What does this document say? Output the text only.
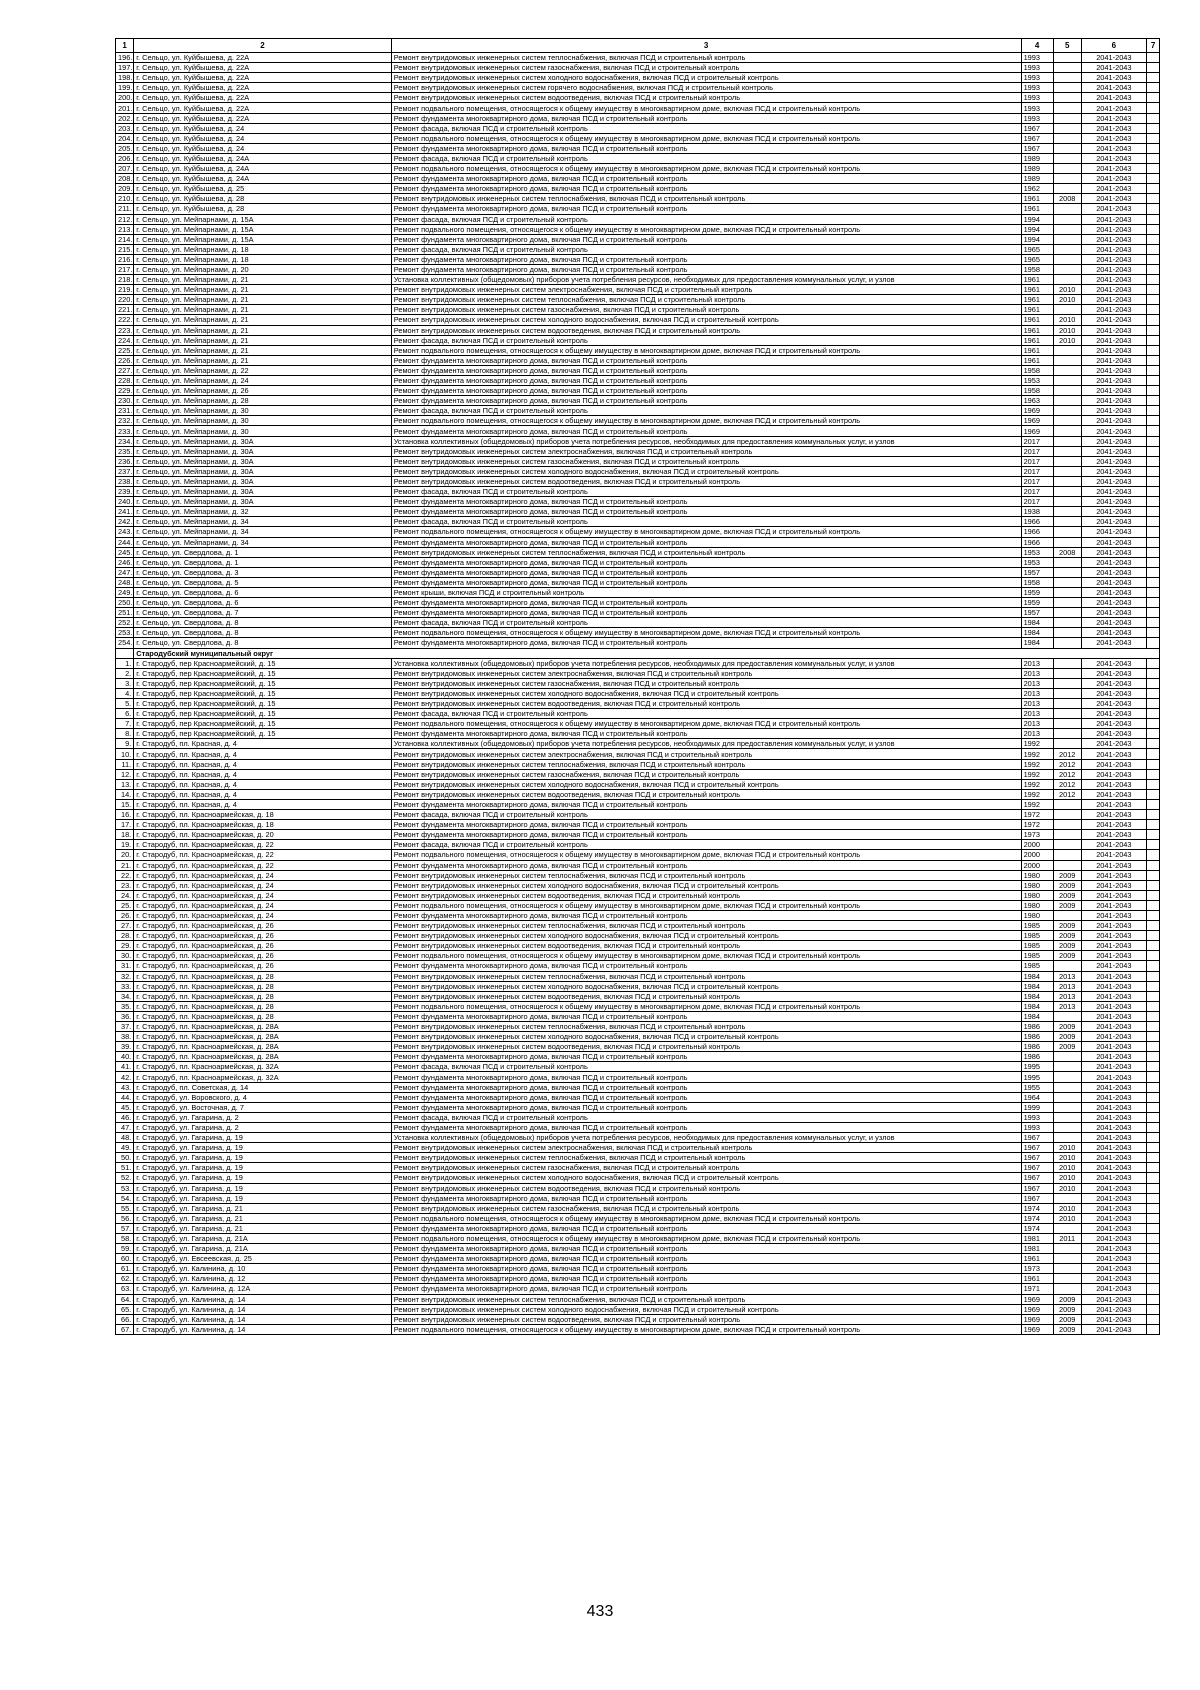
1	2	3	4	5	6	7
196.	г. Сельцо, ул. Куйбышева, д. 22А	Ремонт внутридомовых инженерных систем теплоснабжения, включая ПСД и строительный контроль	1993		2041-2043	
197.	г. Сельцо, ул. Куйбышева, д. 22А	Ремонт внутридомовых инженерных систем газоснабжения, включая ПСД и строительный контроль	1993		2041-2043	
198.	г. Сельцо, ул. Куйбышева, д. 22А	Ремонт внутридомовых инженерных систем холодного водоснабжения, включая ПСД и строительный контроль	1993		2041-2043	
199.	г. Сельцо, ул. Куйбышева, д. 22А	Ремонт внутридомовых инженерных систем горячего водоснабжения, включая ПСД и строительный контроль	1993		2041-2043	
200.	г. Сельцо, ул. Куйбышева, д. 22А	Ремонт внутридомовых инженерных систем водоотведения, включая ПСД и строительный контроль	1993		2041-2043	
201.	г. Сельцо, ул. Куйбышева, д. 22А	Ремонт подвального помещения, относящегося к общему имуществу в многоквартирном доме, включая ПСД и строительный контроль	1993		2041-2043	
202.	г. Сельцо, ул. Куйбышева, д. 22А	Ремонт фундамента многоквартирного дома, включая ПСД и строительный контроль	1993		2041-2043	
203.	г. Сельцо, ул. Куйбышева, д. 24	Ремонт фасада, включая ПСД и строительный контроль	1967		2041-2043	
204.	г. Сельцо, ул. Куйбышева, д. 24	Ремонт подвального помещения, относящегося к общему имуществу в многоквартирном доме, включая ПСД и строительный контроль	1967		2041-2043	
205.	г. Сельцо, ул. Куйбышева, д. 24	Ремонт фундамента многоквартирного дома, включая ПСД и строительный контроль	1967		2041-2043	
206.	г. Сельцо, ул. Куйбышева, д. 24А	Ремонт фасада, включая ПСД и строительный контроль	1989		2041-2043	
207.	г. Сельцо, ул. Куйбышева, д. 24А	Ремонт подвального помещения, относящегося к общему имуществу в многоквартирном доме, включая ПСД и строительный контроль	1989		2041-2043	
208.	г. Сельцо, ул. Куйбышева, д. 24А	Ремонт фундамента многоквартирного дома, включая ПСД и строительный контроль	1989		2041-2043	
209.	г. Сельцо, ул. Куйбышева, д. 25	Ремонт фундамента многоквартирного дома, включая ПСД и строительный контроль	1962		2041-2043	
210.	г. Сельцо, ул. Куйбышева, д. 28	Ремонт внутридомовых инженерных систем теплоснабжения, включая ПСД и строительный контроль	1961	2008	2041-2043	
211.	г. Сельцо, ул. Куйбышева, д. 28	Ремонт фундамента многоквартирного дома, включая ПСД и строительный контроль	1961		2041-2043	
212.	г. Сельцо, ул. Мейпарнами, д. 15А	Ремонт фасада, включая ПСД и строительный контроль	1994		2041-2043	
213.	г. Сельцо, ул. Мейпарнами, д. 15А	Ремонт подвального помещения, относящегося к общему имуществу в многоквартирном доме, включая ПСД и строительный контроль	1994		2041-2043	
214.	г. Сельцо, ул. Мейпарнами, д. 15А	Ремонт фундамента многоквартирного дома, включая ПСД и строительный контроль	1994		2041-2043	
215.	г. Сельцо, ул. Мейпарнами, д. 18	Ремонт фасада, включая ПСД и строительный контроль	1965		2041-2043	
216.	г. Сельцо, ул. Мейпарнами, д. 18	Ремонт фундамента многоквартирного дома, включая ПСД и строительный контроль	1965		2041-2043	
217.	г. Сельцо, ул. Мейпарнами, д. 20	Ремонт фундамента многоквартирного дома, включая ПСД и строительный контроль	1958		2041-2043	
218.	г. Сельцо, ул. Мейпарнами, д. 21	Установка коллективных (общедомовых) приборов учета потребления ресурсов, необходимых для предоставления коммунальных услуг, и узлов	1961		2041-2043	
219.	г. Сельцо, ул. Мейпарнами, д. 21	Ремонт внутридомовых инженерных систем электроснабжения, включая ПСД и строительный контроль	1961	2010	2041-2043	
220.	г. Сельцо, ул. Мейпарнами, д. 21	Ремонт внутридомовых инженерных систем теплоснабжения, включая ПСД и строительный контроль	1961	2010	2041-2043	
221.	г. Сельцо, ул. Мейпарнами, д. 21	Ремонт внутридомовых инженерных систем газоснабжения, включая ПСД и строительный контроль	1961		2041-2043	
222.	г. Сельцо, ул. Мейпарнами, д. 21	Ремонт внутридомовых инженерных систем холодного водоснабжения, включая ПСД и строительный контроль	1961	2010	2041-2043	
223.	г. Сельцо, ул. Мейпарнами, д. 21	Ремонт внутридомовых инженерных систем водоотведения, включая ПСД и строительный контроль	1961	2010	2041-2043	
224.	г. Сельцо, ул. Мейпарнами, д. 21	Ремонт фасада, включая ПСД и строительный контроль	1961	2010	2041-2043	
225.	г. Сельцо, ул. Мейпарнами, д. 21	Ремонт подвального помещения, относящегося к общему имуществу в многоквартирном доме, включая ПСД и строительный контроль	1961		2041-2043	
226.	г. Сельцо, ул. Мейпарнами, д. 21	Ремонт фундамента многоквартирного дома, включая ПСД и строительный контроль	1961		2041-2043	
227.	г. Сельцо, ул. Мейпарнами, д. 22	Ремонт фундамента многоквартирного дома, включая ПСД и строительный контроль	1958		2041-2043	
228.	г. Сельцо, ул. Мейпарнами, д. 24	Ремонт фундамента многоквартирного дома, включая ПСД и строительный контроль	1953		2041-2043	
229.	г. Сельцо, ул. Мейпарнами, д. 26	Ремонт фундамента многоквартирного дома, включая ПСД и строительный контроль	1958		2041-2043	
230.	г. Сельцо, ул. Мейпарнами, д. 28	Ремонт фундамента многоквартирного дома, включая ПСД и строительный контроль	1963		2041-2043	
231.	г. Сельцо, ул. Мейпарнами, д. 30	Ремонт фасада, включая ПСД и строительный контроль	1969		2041-2043	
232.	г. Сельцо, ул. Мейпарнами, д. 30	Ремонт подвального помещения, относящегося к общему имуществу в многоквартирном доме, включая ПСД и строительный контроль	1969		2041-2043	
233.	г. Сельцо, ул. Мейпарнами, д. 30	Ремонт фундамента многоквартирного дома, включая ПСД и строительный контроль	1969		2041-2043	
234.	г. Сельцо, ул. Мейпарнами, д. 30А	Установка коллективных (общедомовых) приборов учета потребления ресурсов, необходимых для предоставления коммунальных услуг, и узлов	2017		2041-2043	
235.	г. Сельцо, ул. Мейпарнами, д. 30А	Ремонт внутридомовых инженерных систем электроснабжения, включая ПСД и строительный контроль	2017		2041-2043	
236.	г. Сельцо, ул. Мейпарнами, д. 30А	Ремонт внутридомовых инженерных систем газоснабжения, включая ПСД и строительный контроль	2017		2041-2043	
237.	г. Сельцо, ул. Мейпарнами, д. 30А	Ремонт внутридомовых инженерных систем холодного водоснабжения, включая ПСД и строительный контроль	2017		2041-2043	
238.	г. Сельцо, ул. Мейпарнами, д. 30А	Ремонт внутридомовых инженерных систем водоотведения, включая ПСД и строительный контроль	2017		2041-2043	
239.	г. Сельцо, ул. Мейпарнами, д. 30А	Ремонт фасада, включая ПСД и строительный контроль	2017		2041-2043	
240.	г. Сельцо, ул. Мейпарнами, д. 30А	Ремонт фундамента многоквартирного дома, включая ПСД и строительный контроль	2017		2041-2043	
241.	г. Сельцо, ул. Мейпарнами, д. 32	Ремонт фундамента многоквартирного дома, включая ПСД и строительный контроль	1938		2041-2043	
242.	г. Сельцо, ул. Мейпарнами, д. 34	Ремонт фасада, включая ПСД и строительный контроль	1966		2041-2043	
243.	г. Сельцо, ул. Мейпарнами, д. 34	Ремонт подвального помещения, относящегося к общему имуществу в многоквартирном доме, включая ПСД и строительный контроль	1966		2041-2043	
244.	г. Сельцо, ул. Мейпарнами, д. 34	Ремонт фундамента многоквартирного дома, включая ПСД и строительный контроль	1966		2041-2043	
245.	г. Сельцо, ул. Свердлова, д. 1	Ремонт внутридомовых инженерных систем теплоснабжения, включая ПСД и строительный контроль	1953	2008	2041-2043	
246.	г. Сельцо, ул. Свердлова, д. 1	Ремонт фундамента многоквартирного дома, включая ПСД и строительный контроль	1953		2041-2043	
247.	г. Сельцо, ул. Свердлова, д. 3	Ремонт фундамента многоквартирного дома, включая ПСД и строительный контроль	1957		2041-2043	
248.	г. Сельцо, ул. Свердлова, д. 5	Ремонт фундамента многоквартирного дома, включая ПСД и строительный контроль	1958		2041-2043	
249.	г. Сельцо, ул. Свердлова, д. 6	Ремонт крыши, включая ПСД и строительный контроль	1959		2041-2043	
250.	г. Сельцо, ул. Свердлова, д. 6	Ремонт фундамента многоквартирного дома, включая ПСД и строительный контроль	1959		2041-2043	
251.	г. Сельцо, ул. Свердлова, д. 7	Ремонт фундамента многоквартирного дома, включая ПСД и строительный контроль	1957		2041-2043	
252.	г. Сельцо, ул. Свердлова, д. 8	Ремонт фасада, включая ПСД и строительный контроль	1984		2041-2043	
253.	г. Сельцо, ул. Свердлова, д. 8	Ремонт подвального помещения, относящегося к общему имуществу в многоквартирном доме, включая ПСД и строительный контроль	1984		2041-2043	
254.	г. Сельцо, ул. Свердлова, д. 8	Ремонт фундамента многоквартирного дома, включая ПСД и строительный контроль	1984		2041-2043	
	Стародубский муниципальный округ					
1.	г. Стародуб, пер Красноармейский, д. 15	Установка коллективных (общедомовых) приборов учета потребления ресурсов, необходимых для предоставления коммунальных услуг, и узлов	2013		2041-2043	
2.	г. Стародуб, пер Красноармейский, д. 15	Ремонт внутридомовых инженерных систем электроснабжения, включая ПСД и строительный контроль	2013		2041-2043	
3.	г. Стародуб, пер Красноармейский, д. 15	Ремонт внутридомовых инженерных систем газоснабжения, включая ПСД и строительный контроль	2013		2041-2043	
4.	г. Стародуб, пер Красноармейский, д. 15	Ремонт внутридомовых инженерных систем холодного водоснабжения, включая ПСД и строительный контроль	2013		2041-2043	
5.	г. Стародуб, пер Красноармейский, д. 15	Ремонт внутридомовых инженерных систем водоотведения, включая ПСД и строительный контроль	2013		2041-2043	
6.	г. Стародуб, пер Красноармейский, д. 15	Ремонт фасада, включая ПСД и строительный контроль	2013		2041-2043	
7.	г. Стародуб, пер Красноармейский, д. 15	Ремонт подвального помещения, относящегося к общему имуществу в многоквартирном доме, включая ПСД и строительный контроль	2013		2041-2043	
8.	г. Стародуб, пер Красноармейский, д. 15	Ремонт фундамента многоквартирного дома, включая ПСД и строительный контроль	2013		2041-2043	
9.	г. Стародуб, пл. Красная, д. 4	Установка коллективных (общедомовых) приборов учета потребления ресурсов, необходимых для предоставления коммунальных услуг, и узлов	1992		2041-2043	
10.	г. Стародуб, пл. Красная, д. 4	Ремонт внутридомовых инженерных систем электроснабжения, включая ПСД и строительный контроль	1992	2012	2041-2043	
11.	г. Стародуб, пл. Красная, д. 4	Ремонт внутридомовых инженерных систем теплоснабжения, включая ПСД и строительный контроль	1992	2012	2041-2043	
12.	г. Стародуб, пл. Красная, д. 4	Ремонт внутридомовых инженерных систем газоснабжения, включая ПСД и строительный контроль	1992	2012	2041-2043	
13.	г. Стародуб, пл. Красная, д. 4	Ремонт внутридомовых инженерных систем холодного водоснабжения, включая ПСД и строительный контроль	1992	2012	2041-2043	
14.	г. Стародуб, пл. Красная, д. 4	Ремонт внутридомовых инженерных систем водоотведения, включая ПСД и строительный контроль	1992	2012	2041-2043	
15.	г. Стародуб, пл. Красная, д. 4	Ремонт фундамента многоквартирного дома, включая ПСД и строительный контроль	1992		2041-2043	
16.	г. Стародуб, пл. Красноармейская, д. 18	Ремонт фасада, включая ПСД и строительный контроль	1972		2041-2043	
17.	г. Стародуб, пл. Красноармейская, д. 18	Ремонт фундамента многоквартирного дома, включая ПСД и строительный контроль	1972		2041-2043	
18.	г. Стародуб, пл. Красноармейская, д. 20	Ремонт фундамента многоквартирного дома, включая ПСД и строительный контроль	1973		2041-2043	
19.	г. Стародуб, пл. Красноармейская, д. 22	Ремонт фасада, включая ПСД и строительный контроль	2000		2041-2043	
20.	г. Стародуб, пл. Красноармейская, д. 22	Ремонт подвального помещения, относящегося к общему имуществу в многоквартирном доме, включая ПСД и строительный контроль	2000		2041-2043	
21.	г. Стародуб, пл. Красноармейская, д. 22	Ремонт фундамента многоквартирного дома, включая ПСД и строительный контроль	2000		2041-2043	
22.	г. Стародуб, пл. Красноармейская, д. 24	Ремонт внутридомовых инженерных систем теплоснабжения, включая ПСД и строительный контроль	1980	2009	2041-2043	
23.	г. Стародуб, пл. Красноармейская, д. 24	Ремонт внутридомовых инженерных систем холодного водоснабжения, включая ПСД и строительный контроль	1980	2009	2041-2043	
24.	г. Стародуб, пл. Красноармейская, д. 24	Ремонт внутридомовых инженерных систем водоотведения, включая ПСД и строительный контроль	1980	2009	2041-2043	
25.	г. Стародуб, пл. Красноармейская, д. 24	Ремонт подвального помещения, относящегося к общему имуществу в многоквартирном доме, включая ПСД и строительный контроль	1980	2009	2041-2043	
26.	г. Стародуб, пл. Красноармейская, д. 24	Ремонт фундамента многоквартирного дома, включая ПСД и строительный контроль	1980		2041-2043	
27.	г. Стародуб, пл. Красноармейская, д. 26	Ремонт внутридомовых инженерных систем теплоснабжения, включая ПСД и строительный контроль	1985	2009	2041-2043	
28.	г. Стародуб, пл. Красноармейская, д. 26	Ремонт внутридомовых инженерных систем холодного водоснабжения, включая ПСД и строительный контроль	1985	2009	2041-2043	
29.	г. Стародуб, пл. Красноармейская, д. 26	Ремонт внутридомовых инженерных систем водоотведения, включая ПСД и строительный контроль	1985	2009	2041-2043	
30.	г. Стародуб, пл. Красноармейская, д. 26	Ремонт подвального помещения, относящегося к общему имуществу в многоквартирном доме, включая ПСД и строительный контроль	1985	2009	2041-2043	
31.	г. Стародуб, пл. Красноармейская, д. 26	Ремонт фундамента многоквартирного дома, включая ПСД и строительный контроль	1985		2041-2043	
32.	г. Стародуб, пл. Красноармейская, д. 28	Ремонт внутридомовых инженерных систем теплоснабжения, включая ПСД и строительный контроль	1984	2013	2041-2043	
33.	г. Стародуб, пл. Красноармейская, д. 28	Ремонт внутридомовых инженерных систем холодного водоснабжения, включая ПСД и строительный контроль	1984	2013	2041-2043	
34.	г. Стародуб, пл. Красноармейская, д. 28	Ремонт внутридомовых инженерных систем водоотведения, включая ПСД и строительный контроль	1984	2013	2041-2043	
35.	г. Стародуб, пл. Красноармейская, д. 28	Ремонт подвального помещения, относящегося к общему имуществу в многоквартирном доме, включая ПСД и строительный контроль	1984	2013	2041-2043	
36.	г. Стародуб, пл. Красноармейская, д. 28	Ремонт фундамента многоквартирного дома, включая ПСД и строительный контроль	1984		2041-2043	
37.	г. Стародуб, пл. Красноармейская, д. 28А	Ремонт внутридомовых инженерных систем теплоснабжения, включая ПСД и строительный контроль	1986	2009	2041-2043	
38.	г. Стародуб, пл. Красноармейская, д. 28А	Ремонт внутридомовых инженерных систем холодного водоснабжения, включая ПСД и строительный контроль	1986	2009	2041-2043	
39.	г. Стародуб, пл. Красноармейская, д. 28А	Ремонт внутридомовых инженерных систем водоотведения, включая ПСД и строительный контроль	1986	2009	2041-2043	
40.	г. Стародуб, пл. Красноармейская, д. 28А	Ремонт фундамента многоквартирного дома, включая ПСД и строительный контроль	1986		2041-2043	
41.	г. Стародуб, пл. Красноармейская, д. 32А	Ремонт фасада, включая ПСД и строительный контроль	1995		2041-2043	
42.	г. Стародуб, пл. Красноармейская, д. 32А	Ремонт фундамента многоквартирного дома, включая ПСД и строительный контроль	1995		2041-2043	
43.	г. Стародуб, пл. Советская, д. 14	Ремонт фундамента многоквартирного дома, включая ПСД и строительный контроль	1955		2041-2043	
44.	г. Стародуб, ул. Воровского, д. 4	Ремонт фундамента многоквартирного дома, включая ПСД и строительный контроль	1964		2041-2043	
45.	г. Стародуб, ул. Восточная, д. 7	Ремонт фундамента многоквартирного дома, включая ПСД и строительный контроль	1999		2041-2043	
46.	г. Стародуб, ул. Гагарина, д. 2	Ремонт фасада, включая ПСД и строительный контроль	1993		2041-2043	
47.	г. Стародуб, ул. Гагарина, д. 2	Ремонт фундамента многоквартирного дома, включая ПСД и строительный контроль	1993		2041-2043	
48.	г. Стародуб, ул. Гагарина, д. 19	Установка коллективных (общедомовых) приборов учета потребления ресурсов, необходимых для предоставления коммунальных услуг, и узлов	1967		2041-2043	
49.	г. Стародуб, ул. Гагарина, д. 19	Ремонт внутридомовых инженерных систем электроснабжения, включая ПСД и строительный контроль	1967	2010	2041-2043	
50.	г. Стародуб, ул. Гагарина, д. 19	Ремонт внутридомовых инженерных систем теплоснабжения, включая ПСД и строительный контроль	1967	2010	2041-2043	
51.	г. Стародуб, ул. Гагарина, д. 19	Ремонт внутридомовых инженерных систем газоснабжения, включая ПСД и строительный контроль	1967	2010	2041-2043	
52.	г. Стародуб, ул. Гагарина, д. 19	Ремонт внутридомовых инженерных систем холодного водоснабжения, включая ПСД и строительный контроль	1967	2010	2041-2043	
53.	г. Стародуб, ул. Гагарина, д. 19	Ремонт внутридомовых инженерных систем водоотведения, включая ПСД и строительный контроль	1967	2010	2041-2043	
54.	г. Стародуб, ул. Гагарина, д. 19	Ремонт фундамента многоквартирного дома, включая ПСД и строительный контроль	1967		2041-2043	
55.	г. Стародуб, ул. Гагарина, д. 21	Ремонт внутридомовых инженерных систем газоснабжения, включая ПСД и строительный контроль	1974	2010	2041-2043	
56.	г. Стародуб, ул. Гагарина, д. 21	Ремонт подвального помещения, относящегося к общему имуществу в многоквартирном доме, включая ПСД и строительный контроль	1974	2010	2041-2043	
57.	г. Стародуб, ул. Гагарина, д. 21	Ремонт фундамента многоквартирного дома, включая ПСД и строительный контроль	1974		2041-2043	
58.	г. Стародуб, ул. Гагарина, д. 21А	Ремонт подвального помещения, относящегося к общему имуществу в многоквартирном доме, включая ПСД и строительный контроль	1981	2011	2041-2043	
59.	г. Стародуб, ул. Гагарина, д. 21А	Ремонт фундамента многоквартирного дома, включая ПСД и строительный контроль	1981		2041-2043	
60.	г. Стародуб, ул. Евсеевская, д. 25	Ремонт фундамента многоквартирного дома, включая ПСД и строительный контроль	1961		2041-2043	
61.	г. Стародуб, ул. Калинина, д. 10	Ремонт фундамента многоквартирного дома, включая ПСД и строительный контроль	1973		2041-2043	
62.	г. Стародуб, ул. Калинина, д. 12	Ремонт фундамента многоквартирного дома, включая ПСД и строительный контроль	1961		2041-2043	
63.	г. Стародуб, ул. Калинина, д. 12А	Ремонт фундамента многоквартирного дома, включая ПСД и строительный контроль	1971		2041-2043	
64.	г. Стародуб, ул. Калинина, д. 14	Ремонт внутридомовых инженерных систем теплоснабжения, включая ПСД и строительный контроль	1969	2009	2041-2043	
65.	г. Стародуб, ул. Калинина, д. 14	Ремонт внутридомовых инженерных систем холодного водоснабжения, включая ПСД и строительный контроль	1969	2009	2041-2043	
66.	г. Стародуб, ул. Калинина, д. 14	Ремонт внутридомовых инженерных систем водоотведения, включая ПСД и строительный контроль	1969	2009	2041-2043	
67.	г. Стародуб, ул. Калинина, д. 14	Ремонт подвального помещения, относящегося к общему имуществу в многоквартирном доме, включая ПСД и строительный контроль	1969	2009	2041-2043	
433
